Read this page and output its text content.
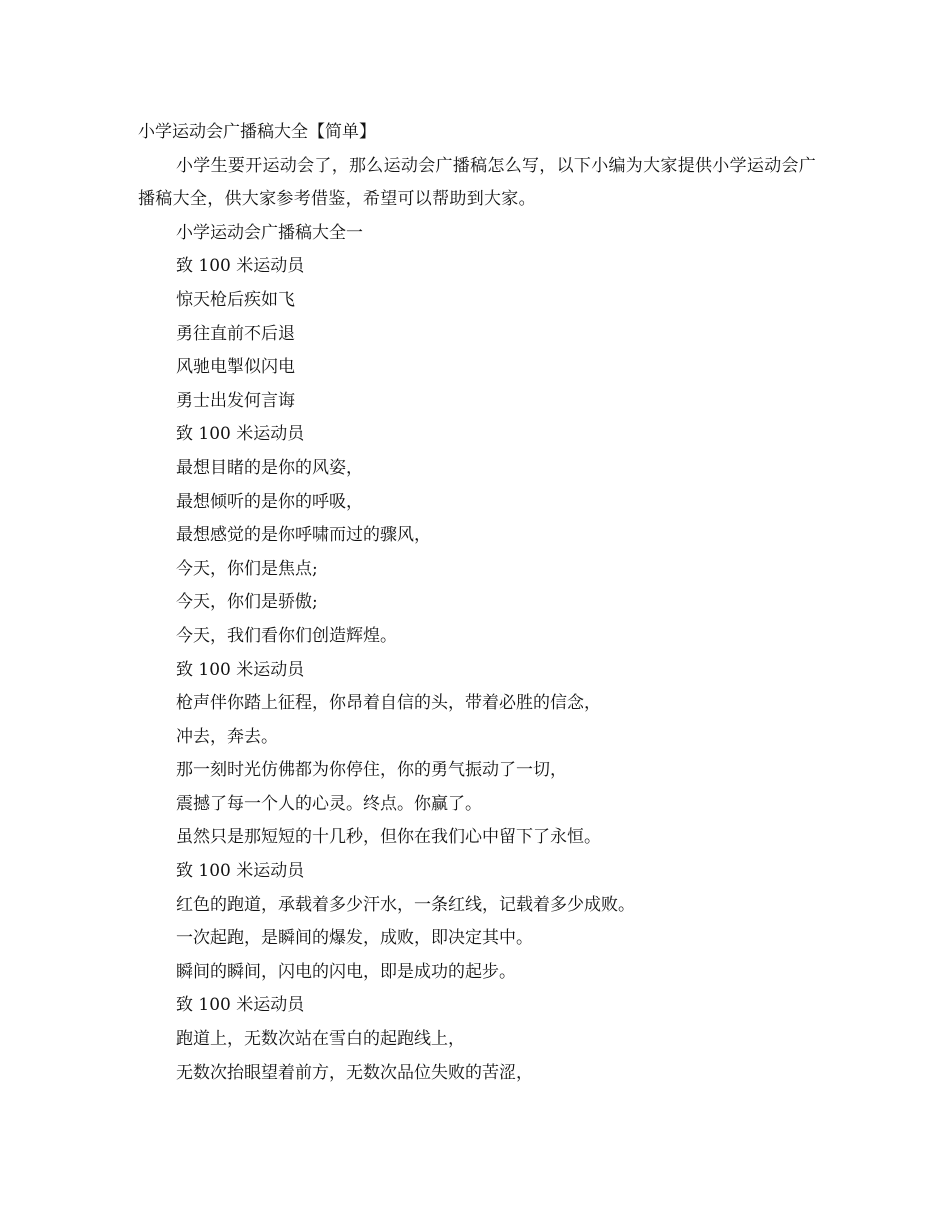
小学运动会广播稿大全【简单】

小学生要开运动会了，那么运动会广播稿怎么写，以下小编为大家提供小学运动会广播稿大全，供大家参考借鉴，希望可以帮助到大家。

小学运动会广播稿大全一
致 100 米运动员
惊天枪后疾如飞
勇往直前不后退
风驰电掣似闪电
勇士出发何言诲
致 100 米运动员
最想目睹的是你的风姿，
最想倾听的是你的呼吸，
最想感觉的是你呼啸而过的骤风，
今天，你们是焦点;
今天，你们是骄傲;
今天，我们看你们创造辉煌。
致 100 米运动员
枪声伴你踏上征程，你昂着自信的头，带着必胜的信念，
冲去，奔去。
那一刻时光仿佛都为你停住，你的勇气振动了一切，
震撼了每一个人的心灵。终点。你赢了。
虽然只是那短短的十几秒，但你在我们心中留下了永恒。
致 100 米运动员
红色的跑道，承载着多少汗水，一条红线，记载着多少成败。
一次起跑，是瞬间的爆发，成败，即决定其中。
瞬间的瞬间，闪电的闪电，即是成功的起步。
致 100 米运动员
跑道上，无数次站在雪白的起跑线上，
无数次抬眼望着前方，无数次品位失败的苦涩，
